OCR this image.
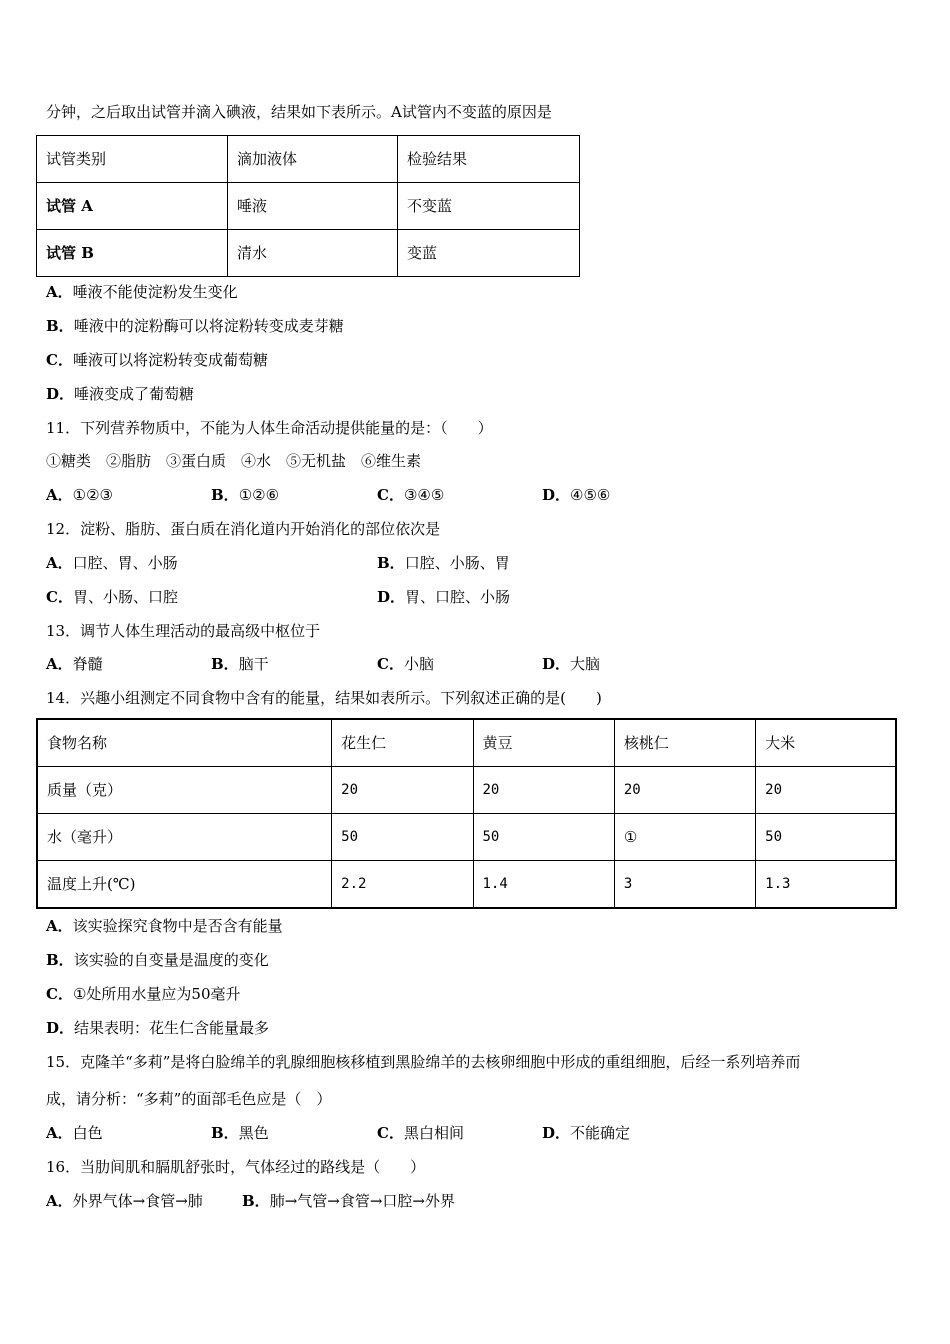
分钟，之后取出试管并滴入碘液，结果如下表所示。A试管内不变蓝的原因是
试管类别	滴加液体	检验结果
试管 A	唾液	不变蓝
试管 B	清水	变蓝
A．唾液不能使淀粉发生变化
B．唾液中的淀粉酶可以将淀粉转变成麦芽糖
C．唾液可以将淀粉转变成葡萄糖
D．唾液变成了葡萄糖
11．下列营养物质中，不能为人体生命活动提供能量的是：（　　）
①糖类　②脂肪　③蛋白质　④水　⑤无机盐　⑥维生素
A．①②③	B．①②⑥	C．③④⑤	D．④⑤⑥
12．淀粉、脂肪、蛋白质在消化道内开始消化的部位依次是
A．口腔、胃、小肠	B．口腔、小肠、胃
C．胃、小肠、口腔	D．胃、口腔、小肠
13．调节人体生理活动的最高级中枢位于
A．脊髓	B．脑干	C．小脑	D．大脑
14．兴趣小组测定不同食物中含有的能量，结果如表所示。下列叙述正确的是(　　)
食物名称	花生仁	黄豆	核桃仁	大米
质量（克）	20	20	20	20
水（毫升）	50	50	①	50
温度上升(℃)	2.2	1.4	3	1.3
A．该实验探究食物中是否含有能量
B．该实验的自变量是温度的变化
C．①处所用水量应为50毫升
D．结果表明：花生仁含能量最多
15．克隆羊“多莉”是将白脸绵羊的乳腺细胞核移植到黑脸绵羊的去核卵细胞中形成的重组细胞，后经一系列培养而
成，请分析：“多莉”的面部毛色应是（　）
A．白色	B．黑色	C．黑白相间	D．不能确定
16．当肋间肌和膈肌舒张时，气体经过的路线是（　　）
A．外界气体→食管→肺	B．肺→气管→食管→口腔→外界
